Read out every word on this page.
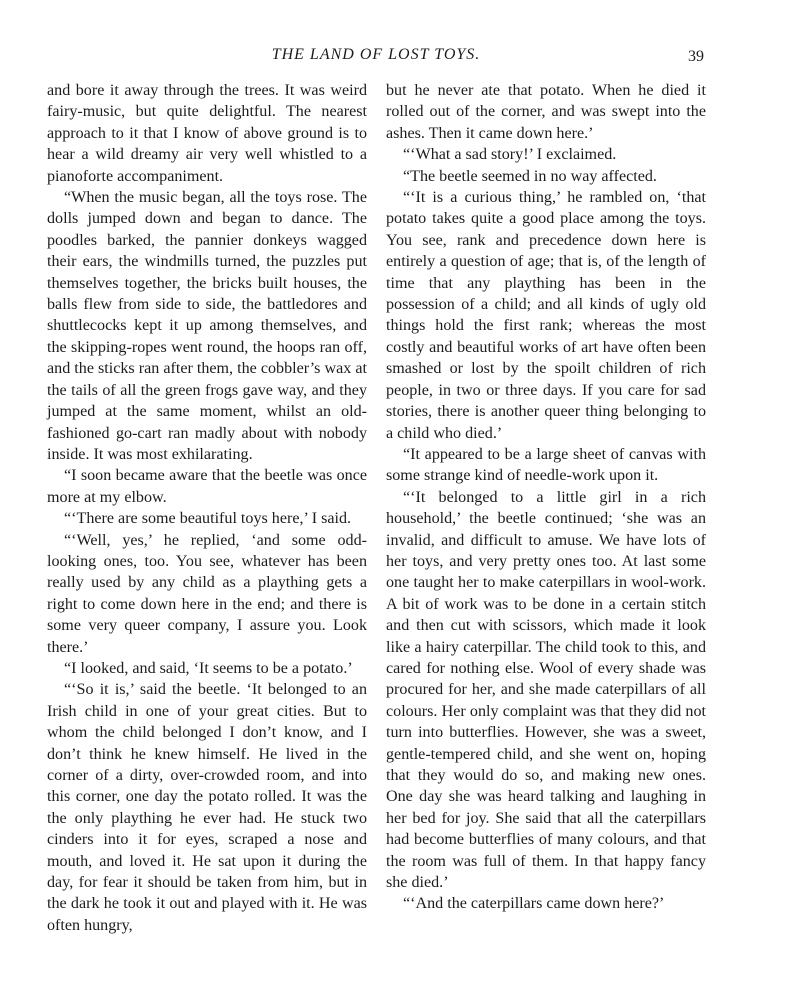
THE LAND OF LOST TOYS.	39

and bore it away through the trees. It was weird fairy-music, but quite delightful. The nearest approach to it that I know of above ground is to hear a wild dreamy air very well whistled to a pianoforte accompaniment.

“When the music began, all the toys rose. The dolls jumped down and began to dance. The poodles barked, the pannier donkeys wagged their ears, the windmills turned, the puzzles put themselves together, the bricks built houses, the balls flew from side to side, the battledores and shuttlecocks kept it up among themselves, and the skipping-ropes went round, the hoops ran off, and the sticks ran after them, the cobbler’s wax at the tails of all the green frogs gave way, and they jumped at the same moment, whilst an old-fashioned go-cart ran madly about with nobody inside. It was most exhilarating.

“I soon became aware that the beetle was once more at my elbow.

“‘There are some beautiful toys here,’ I said.

“‘Well, yes,’ he replied, ‘and some odd-looking ones, too. You see, whatever has been really used by any child as a plaything gets a right to come down here in the end; and there is some very queer company, I assure you. Look there.’

“I looked, and said, ‘It seems to be a potato.’

“‘So it is,’ said the beetle. ‘It belonged to an Irish child in one of your great cities. But to whom the child belonged I don’t know, and I don’t think he knew himself. He lived in the corner of a dirty, over-crowded room, and into this corner, one day the potato rolled. It was the the only plaything he ever had. He stuck two cinders into it for eyes, scraped a nose and mouth, and loved it. He sat upon it during the day, for fear it should be taken from him, but in the dark he took it out and played with it. He was often hungry,

but he never ate that potato. When he died it rolled out of the corner, and was swept into the ashes. Then it came down here.’

“‘What a sad story!’ I exclaimed.

“The beetle seemed in no way affected.

“‘It is a curious thing,’ he rambled on, ‘that potato takes quite a good place among the toys. You see, rank and precedence down here is entirely a question of age; that is, of the length of time that any plaything has been in the possession of a child; and all kinds of ugly old things hold the first rank; whereas the most costly and beautiful works of art have often been smashed or lost by the spoilt children of rich people, in two or three days. If you care for sad stories, there is another queer thing belonging to a child who died.’

“It appeared to be a large sheet of canvas with some strange kind of needle-work upon it.

“‘It belonged to a little girl in a rich household,’ the beetle continued; ‘she was an invalid, and difficult to amuse. We have lots of her toys, and very pretty ones too. At last some one taught her to make caterpillars in wool-work. A bit of work was to be done in a certain stitch and then cut with scissors, which made it look like a hairy caterpillar. The child took to this, and cared for nothing else. Wool of every shade was procured for her, and she made caterpillars of all colours. Her only complaint was that they did not turn into butterflies. However, she was a sweet, gentle-tempered child, and she went on, hoping that they would do so, and making new ones. One day she was heard talking and laughing in her bed for joy. She said that all the caterpillars had become butterflies of many colours, and that the room was full of them. In that happy fancy she died.’

“‘And the caterpillars came down here?’
